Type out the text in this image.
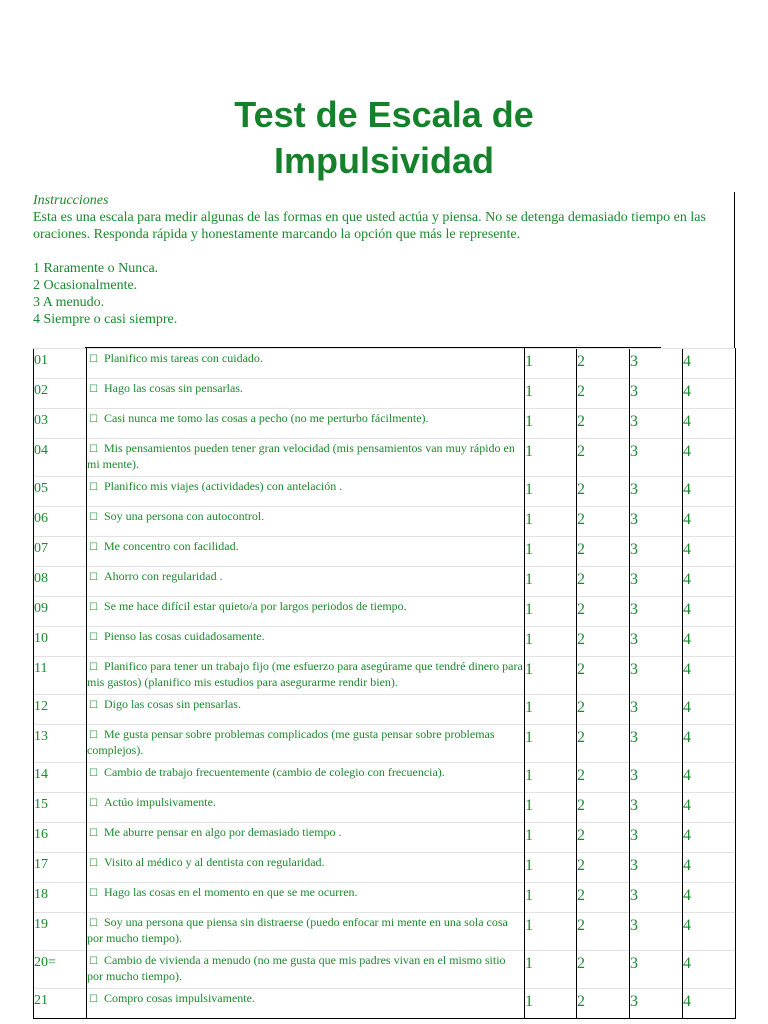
Test de Escala de
Impulsividad
Instrucciones
Esta es una escala para medir algunas de las formas en que usted actúa y piensa. No se detenga demasiado tiempo en las oraciones. Responda rápida y honestamente marcando la opción que más le represente.
1 Raramente o Nunca.
2 Ocasionalmente.
3 A menudo.
4 Siempre o casi siempre.
01	☐ Planifico mis tareas con cuidado.	1	2	3	4
02	☐ Hago las cosas sin pensarlas.	1	2	3	4
03	☐ Casi nunca me tomo las cosas a pecho (no me perturbo fácilmente).	1	2	3	4
04	☐ Mis pensamientos pueden tener gran velocidad (mis pensamientos van muy rápido en mi mente).	1	2	3	4
05	☐ Planifico mis viajes (actividades) con antelación .	1	2	3	4
06	☐ Soy una persona con autocontrol.	1	2	3	4
07	☐ Me concentro con facilidad.	1	2	3	4
08	☐ Ahorro con regularidad .	1	2	3	4
09	☐ Se me hace difícil estar quieto/a por largos periodos de tiempo.	1	2	3	4
10	☐ Pienso las cosas cuidadosamente.	1	2	3	4
11	☐ Planifico para tener un trabajo fijo (me esfuerzo para asegúrame que tendré dinero para mis gastos) (planifico mis estudios para asegurarme rendir bien).	1	2	3	4
12	☐ Digo las cosas sin pensarlas.	1	2	3	4
13	☐ Me gusta pensar sobre problemas complicados (me gusta pensar sobre problemas complejos).	1	2	3	4
14	☐ Cambio de trabajo frecuentemente (cambio de colegio con frecuencia).	1	2	3	4
15	☐ Actúo impulsivamente.	1	2	3	4
16	☐ Me aburre pensar en algo por demasiado tiempo .	1	2	3	4
17	☐ Visito al médico y al dentista con regularidad.	1	2	3	4
18	☐ Hago las cosas en el momento en que se me ocurren.	1	2	3	4
19	☐ Soy una persona que piensa sin distraerse (puedo enfocar mi mente en una sola cosa por mucho tiempo).	1	2	3	4
20=	☐ Cambio de vivienda a menudo (no me gusta que mis padres vivan en el mismo sitio por mucho tiempo).	1	2	3	4
21	☐ Compro cosas impulsivamente.	1	2	3	4
